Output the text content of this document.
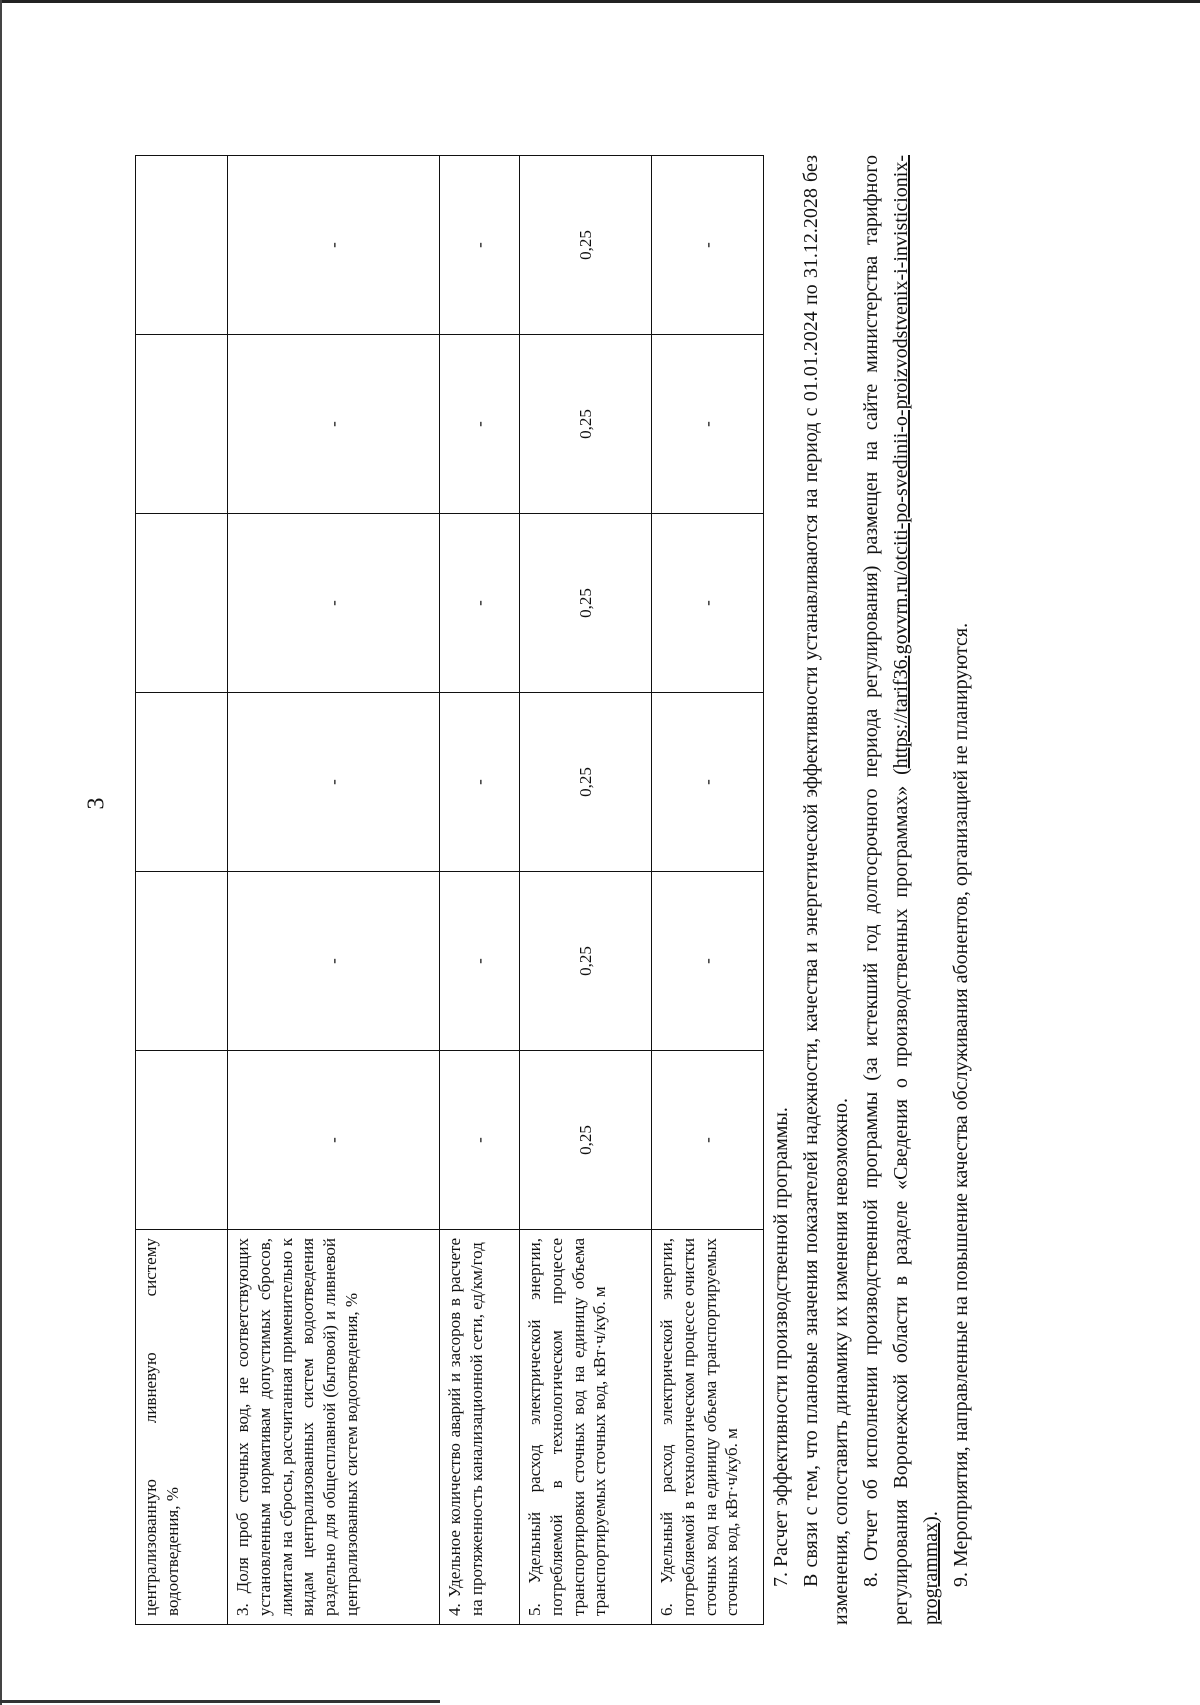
3
централизованную ливневую систему водоотведения, %						
3. Доля проб сточных вод, не соответствующих установленным нормативам допустимых сбросов, лимитам на сбросы, рассчитанная применительно к видам централизованных систем водоотведения раздельно для общесплавной (бытовой) и ливневой централизованных систем водоотведения, %	-	-	-	-	-	-
4. Удельное количество аварий и засоров в расчете на протяженность канализационной сети, ед/км/год	-	-	-	-	-	-
5. Удельный расход электрической энергии, потребляемой в технологическом процессе транспортировки сточных вод на единицу объема транспортируемых сточных вод, кВт·ч/куб. м	0,25	0,25	0,25	0,25	0,25	0,25
6. Удельный расход электрической энергии, потребляемой в технологическом процессе очистки сточных вод на единицу объема транспортируемых сточных вод, кВт·ч/куб. м	-	-	-	-	-	-

7. Расчет эффективности производственной программы. В связи с тем, что плановые значения показателей надежности, качества и энергетической эффективности устанавливаются на период с 01.01.2024 по 31.12.2028 без изменения, сопоставить динамику их изменения невозможно. 8. Отчет об исполнении производственной программы (за истекший год долгосрочного периода регулирования) размещен на сайте министерства тарифного регулирования Воронежской области в разделе «Сведения о производственных программах» (https://tarif36.govvrn.ru/otciti-po-svedinii-o-proizvodstvenix-i-invisticionix-programmax). 9. Мероприятия, направленные на повышение качества обслуживания абонентов, организацией не планируются.
